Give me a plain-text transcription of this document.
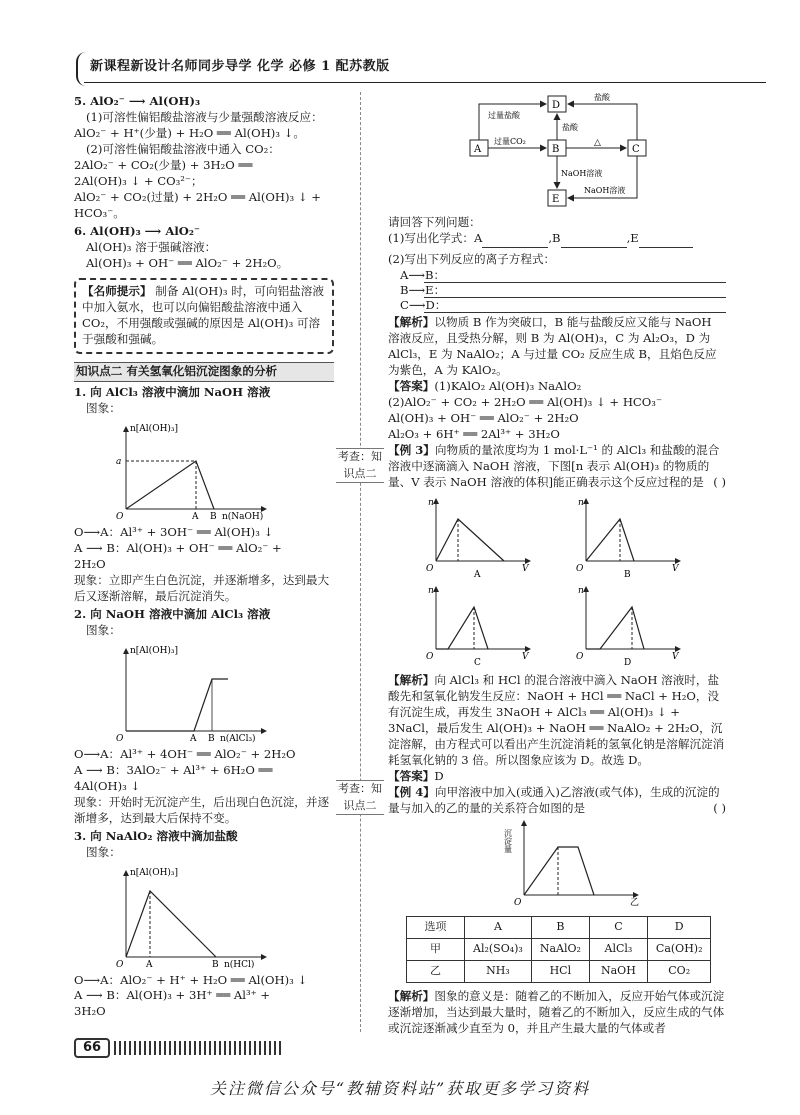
新课程新设计名师同步导学 化学 必修 1 配苏教版
5. AlO₂⁻ ⟶ Al(OH)₃

(1)可溶性偏铝酸盐溶液与少量强酸溶液反应：

AlO₂⁻ + H⁺(少量) + H₂O ══ Al(OH)₃ ↓。

(2)可溶性偏铝酸盐溶液中通入 CO₂：

2AlO₂⁻ + CO₂(少量) + 3H₂O ══

2Al(OH)₃ ↓ + CO₃²⁻；

AlO₂⁻ + CO₂(过量) + 2H₂O ══ Al(OH)₃ ↓ +

HCO₃⁻。

6. Al(OH)₃ ⟶ AlO₂⁻

Al(OH)₃ 溶于强碱溶液：

Al(OH)₃ + OH⁻ ══ AlO₂⁻ + 2H₂O。

【名师提示】 制备 Al(OH)₃ 时，可向铝盐溶液中加入氨水，也可以向偏铝酸盐溶液中通入 CO₂，不用强酸或强碱的原因是 Al(OH)₃ 可溶于强酸和强碱。
知识点二 有关氢氧化铝沉淀图象的分析
1. 向 AlCl₃ 溶液中滴加 NaOH 溶液

图象：

n[Al(OH)₃]
a
O	A B n(NaOH)

O⟶A：Al³⁺ + 3OH⁻ ══ Al(OH)₃ ↓

A ⟶ B：Al(OH)₃ + OH⁻ ══ AlO₂⁻ +

2H₂O

现象：立即产生白色沉淀，并逐渐增多，达到最大后又逐渐溶解，最后沉淀消失。

2. 向 NaOH 溶液中滴加 AlCl₃ 溶液

图象：

n[Al(OH)₃]
O	A B n(AlCl₃)

O⟶A：Al³⁺ + 4OH⁻ ══ AlO₂⁻ + 2H₂O

A ⟶ B：3AlO₂⁻ + Al³⁺ + 6H₂O ══

4Al(OH)₃ ↓

现象：开始时无沉淀产生，后出现白色沉淀，并逐渐增多，达到最大后保持不变。

3. 向 NaAlO₂ 溶液中滴加盐酸

图象：

n[Al(OH)₃]
O	A	B n(HCl)

O⟶A：AlO₂⁻ + H⁺ + H₂O ══ Al(OH)₃ ↓

A ⟶ B：Al(OH)₃ + 3H⁺ ══ Al³⁺ +

3H₂O

考查：知识点二
考查：知识点二
A
D
B	C
E
过量盐酸
过量CO₂
盐酸
盐酸
△
NaOH溶液
NaOH溶液

请回答下列问题：

(1)写出化学式：A	,B	,E

(2)写出下列反应的离子方程式：

A⟶B：

B⟶E：

C⟶D：

【解析】以物质 B 作为突破口，B 能与盐酸反应又能与 NaOH 溶液反应，且受热分解，则 B 为 Al(OH)₃，C 为 Al₂O₃，D 为 AlCl₃，E 为 NaAlO₂；A 与过量 CO₂ 反应生成 B，且焰色反应为紫色，A 为 KAlO₂。

【答案】(1)KAlO₂ Al(OH)₃ NaAlO₂

(2)AlO₂⁻ + CO₂ + 2H₂O ══ Al(OH)₃ ↓ + HCO₃⁻

Al(OH)₃ + OH⁻ ══ AlO₂⁻ + 2H₂O

Al₂O₃ + 6H⁺ ══ 2Al³⁺ + 3H₂O

【例 3】向物质的量浓度均为 1 mol·L⁻¹ 的 AlCl₃ 和盐酸的混合溶液中逐滴滴入 NaOH 溶液，下图[n 表示 Al(OH)₃ 的物质的量、V 表示 NaOH 溶液的体积]能正确表示这个反应过程的是 ( )

n
O	V
A
n
O	V
B
n
O	V
C
n
O	V
D

【解析】向 AlCl₃ 和 HCl 的混合溶液中滴入 NaOH 溶液时，盐酸先和氢氧化钠发生反应：NaOH + HCl ══ NaCl + H₂O，没有沉淀生成，再发生 3NaOH + AlCl₃ ══ Al(OH)₃ ↓ + 3NaCl，最后发生 Al(OH)₃ + NaOH ══ NaAlO₂ + 2H₂O，沉淀溶解，由方程式可以看出产生沉淀消耗的氢氧化钠是溶解沉淀消耗氢氧化钠的 3 倍。所以图象应该为 D。故选 D。

【答案】D

【例 4】向甲溶液中加入(或通入)乙溶液(或气体)，生成的沉淀的量与加入的乙的量的关系符合如图的是	( )

沉淀量
O	乙
选项	A	B	C	D
甲	Al₂(SO₄)₃	NaAlO₂	AlCl₃	Ca(OH)₂
乙	NH₃	HCl	NaOH	CO₂

【解析】图象的意义是：随着乙的不断加入，反应开始气体或沉淀逐渐增加，当达到最大量时，随着乙的不断加入，反应生成的气体或沉淀逐渐减少直至为 0，并且产生最大量的气体或者

66
关注微信公众号“教辅资料站”获取更多学习资料
